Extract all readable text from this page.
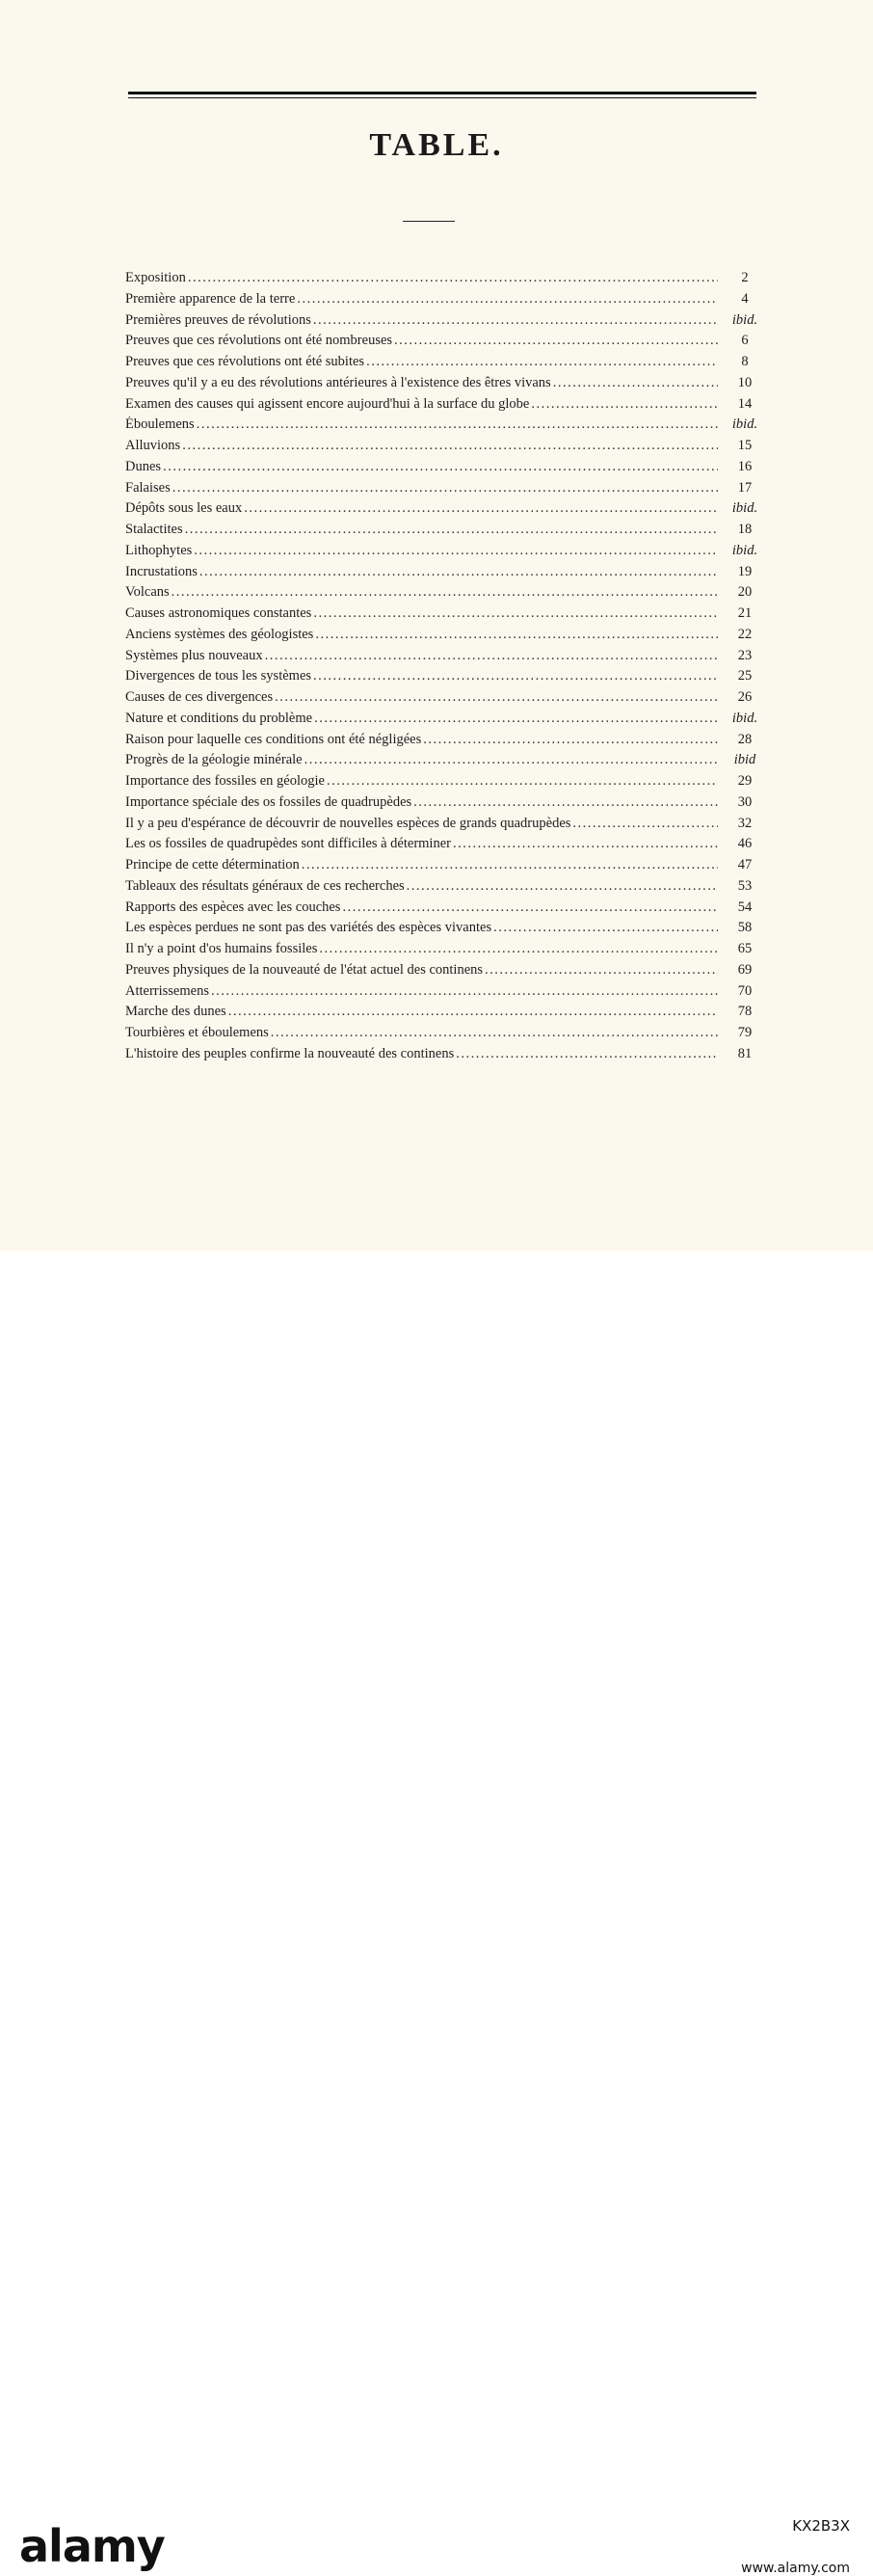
TABLE.
Exposition .....	2
Première apparence de la terre .....	4
Premières preuves de révolutions .....	ibid.
Preuves que ces révolutions ont été nombreuses .....	6
Preuves que ces révolutions ont été subites .....	8
Preuves qu'il y a eu des révolutions antérieures à l'existence des êtres vivans .....	10
Examen des causes qui agissent encore aujourd'hui à la surface du globe .....	14
Éboulemens .....	ibid.
Alluvions .....	15
Dunes .....	16
Falaises .....	17
Dépôts sous les eaux .....	ibid.
Stalactites .....	18
Lithophytes .....	ibid.
Incrustations .....	19
Volcans .....	20
Causes astronomiques constantes .....	21
Anciens systèmes des géologistes .....	22
Systèmes plus nouveaux .....	23
Divergences de tous les systèmes .....	25
Causes de ces divergences .....	26
Nature et conditions du problème .....	ibid.
Raison pour laquelle ces conditions ont été négligées .....	28
Progrès de la géologie minérale .....	ibid
Importance des fossiles en géologie .....	29
Importance spéciale des os fossiles de quadrupèdes .....	30
Il y a peu d'espérance de découvrir de nouvelles espèces de grands quadrupèdes .....	32
Les os fossiles de quadrupèdes sont difficiles à déterminer .....	46
Principe de cette détermination .....	47
Tableaux des résultats généraux de ces recherches .....	53
Rapports des espèces avec les couches .....	54
Les espèces perdues ne sont pas des variétés des espèces vivantes .....	58
Il n'y a point d'os humains fossiles .....	65
Preuves physiques de la nouveauté de l'état actuel des continens .....	69
Atterrissemens .....	70
Marche des dunes .....	78
Tourbières et éboulemens .....	79
L'histoire des peuples confirme la nouveauté des continens .....	81
alamy	KX2B3X
www.alamy.com
